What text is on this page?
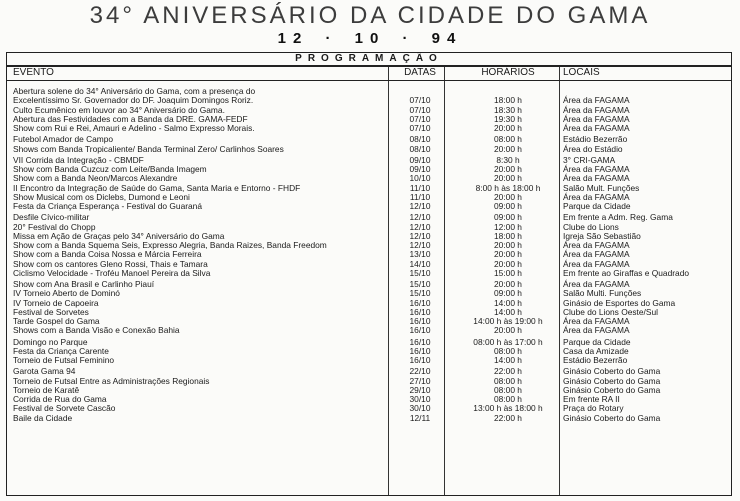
34° ANIVERSÁRIO DA CIDADE DO GAMA
12 · 10 · 94
PROGRAMAÇÃO
EVENTO	DATAS	HORÁRIOS	LOCAIS
Abertura solene do 34° Aniversário do Gama, com a presença do
Excelentíssimo Sr. Governador do DF. Joaquim Domingos Roriz.	07/10	18:00 h	Área da FAGAMA
Culto Ecumênico em louvor ao 34° Aniversário do Gama.	07/10	18:30 h	Área da FAGAMA
Abertura das Festividades com a Banda da DRE. GAMA-FEDF	07/10	19:30 h	Área da FAGAMA
Show com Rui e Rei, Amauri e Adelino - Salmo Expresso Morais.	07/10	20:00 h	Área da FAGAMA
Futebol Amador de Campo	08/10	08:00 h	Estádio Bezerrão
Shows com Banda Tropicaliente/ Banda Terminal Zero/ Carlinhos Soares	08/10	20:00 h	Área do Estádio
VII Corrida da Integração - CBMDF	09/10	8:30 h	3° CRI-GAMA
Show com Banda Cuzcuz com Leite/Banda Imagem	09/10	20:00 h	Área da FAGAMA
Show com a Banda Neon/Marcos Alexandre	10/10	20:00 h	Área da FAGAMA
II Encontro da Integração de Saúde do Gama, Santa Maria e Entorno - FHDF	11/10	8:00 h às 18:00 h	Salão Mult. Funções
Show Musical com os Diclebs, Dumond e Leoni	11/10	20:00 h	Área da FAGAMA
Festa da Criança Esperança - Festival do Guaraná	12/10	09:00 h	Parque da Cidade
Desfile Cívico-militar	12/10	09:00 h	Em frente a Adm. Reg. Gama
20° Festival do Chopp	12/10	12:00 h	Clube do Lions
Missa em Ação de Graças pelo 34° Aniversário do Gama	12/10	18:00 h	Igreja São Sebastião
Show com a Banda Squema Seis, Expresso Alegria, Banda Raizes, Banda Freedom	12/10	20:00 h	Área da FAGAMA
Show com a Banda Coisa Nossa e Márcia Ferreira	13/10	20:00 h	Área da FAGAMA
Show com os cantores Gleno Rossi, Thais e Tamara	14/10	20:00 h	Área da FAGAMA
Ciclismo Velocidade - Troféu Manoel Pereira da Silva	15/10	15:00 h	Em frente ao Giraffas e Quadrado
Show com Ana Brasil e Carlinho Piauí	15/10	20:00 h	Área da FAGAMA
IV Torneio Aberto de Dominó	15/10	09:00 h	Salão Multi. Funções
IV Torneio de Capoeira	16/10	14:00 h	Ginásio de Esportes do Gama
Festival de Sorvetes	16/10	14:00 h	Clube do Lions Oeste/Sul
Tarde Gospel do Gama	16/10	14:00 h às 19:00 h	Área da FAGAMA
Shows com a Banda Visão e Conexão Bahia	16/10	20:00 h	Área da FAGAMA
Domingo no Parque	16/10	08:00 h às 17:00 h	Parque da Cidade
Festa da Criança Carente	16/10	08:00 h	Casa da Amizade
Torneio de Futsal Feminino	16/10	14:00 h	Estádio Bezerrão
Garota Gama 94	22/10	22:00 h	Ginásio Coberto do Gama
Torneio de Futsal Entre as Administrações Regionais	27/10	08:00 h	Ginásio Coberto do Gama
Torneio de Karatê	29/10	08:00 h	Ginásio Coberto do Gama
Corrida de Rua do Gama	30/10	08:00 h	Em frente RA II
Festival de Sorvete Cascão	30/10	13:00 h às 18:00 h	Praça do Rotary
Baile da Cidade	12/11	22:00 h	Ginásio Coberto do Gama
